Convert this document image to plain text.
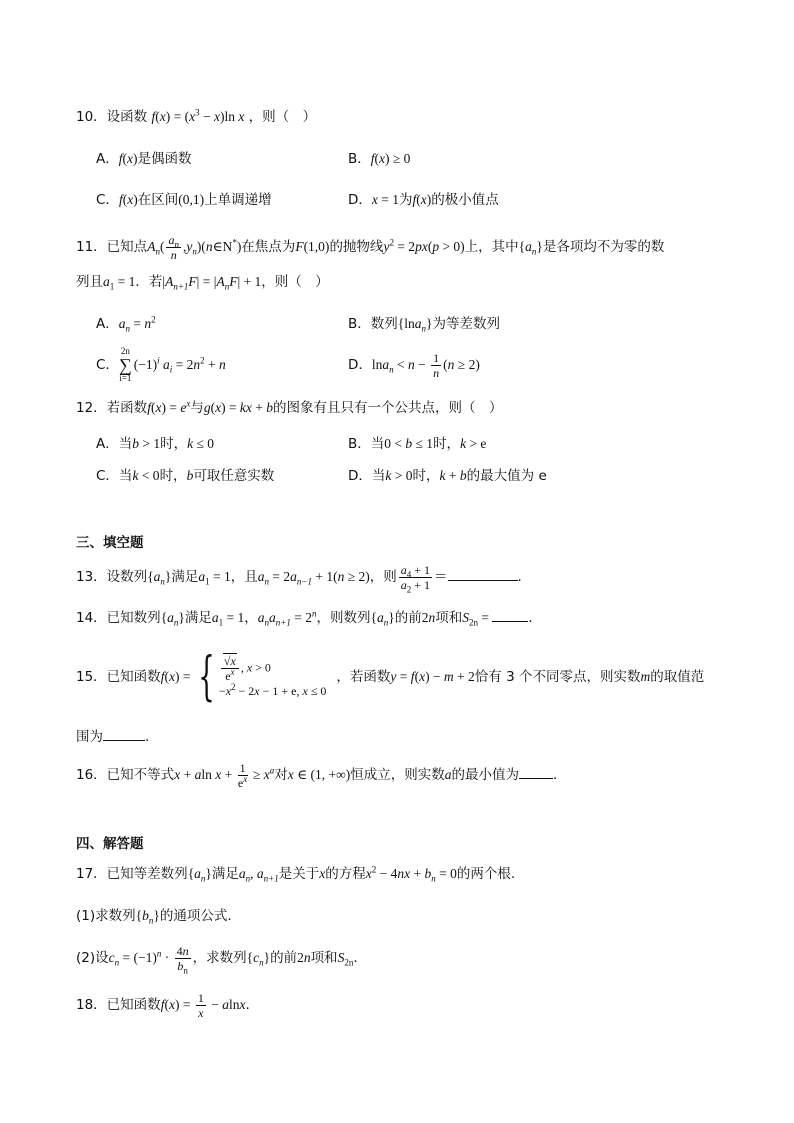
10．设函数 $f(x) = (x^3 - x)\ln$ x ，则（　）
A．f(x)是偶函数	B．f(x) ≥ 0
C．f(x)在区间(0,1)上单调递增	D．x = 1为f(x)的极小值点
11．已知点$A_n( \frac{a_n}{n}$ $,y_n)(n\in N^*)$在焦点为F(1,0)的抛物线$y^2 = 2px(p > 0)$上，其中$\{a_n\}$是各项均不为零的数
列且$a_1 = 1$．若$|A_{n+1}F| = |A_nF| + 1$，则（　）
A．$a_n = n^2$	B．数列{lna$_n$}为等差数列
C．2n
∑
$i=1(-1)^i$ $a_i = 2n^2 + n$	D．$\ln a_n < n - \frac{1}{n} (n \ge 2)$
12．若函数$f(x) = e^x$与g(x) = kx + b的图象有且只有一个公共点，则（　）
A．当b > 1时，k ≤ 0	B．当0 < b ≤ 1时，k > e
C．当k < 0时，b可取任意实数	D．当k > 0时，k + b的最大值为 e
三、填空题
13．设数列$\{a_n\}$满足$a_1 = 1$，且$a_n = 2a_{n-1} + 1(n \ge 2)$，则 $\frac{a_4 + 1}{a_2 + 1}$ ＝	．
14．已知数列$\{a_n\}$满足$a_1 = 1$，$a_na_{n+1} = 2^n$，则数列$\{a_n\}$的前2n项和$S_{2n}$ =	．
15．已知函数f(x) = { $\frac{√x}{e^x}$ , x > 0
$-x^2 - 2x - 1 + e$, x ≤ 0
，若函数y = f(x) − m + 2恰有 3 个不同零点，则实数m的取值范
围为	.
16．已知不等式x + aln $x + \frac{1}{e^x} \ge x^a$对x ∈ (1, +∞)恒成立，则实数a的最小值为	.
四、解答题
17．已知等差数列$\{a_n\}$满足$a_n$, $a_{n+1}$是关于x的方程$x^2 - 4nx + b_n = 0$的两个根.
(1)求数列$\{b_n\}$的通项公式.
(2)设$c_n = (-1)^n \cdot \frac{4n}{b_n}$ ，求数列$\{c_n\}$的前2n项和$S_{2n}$.
18．已知函数$f(x) = \frac{1}{x} - alnx$.
